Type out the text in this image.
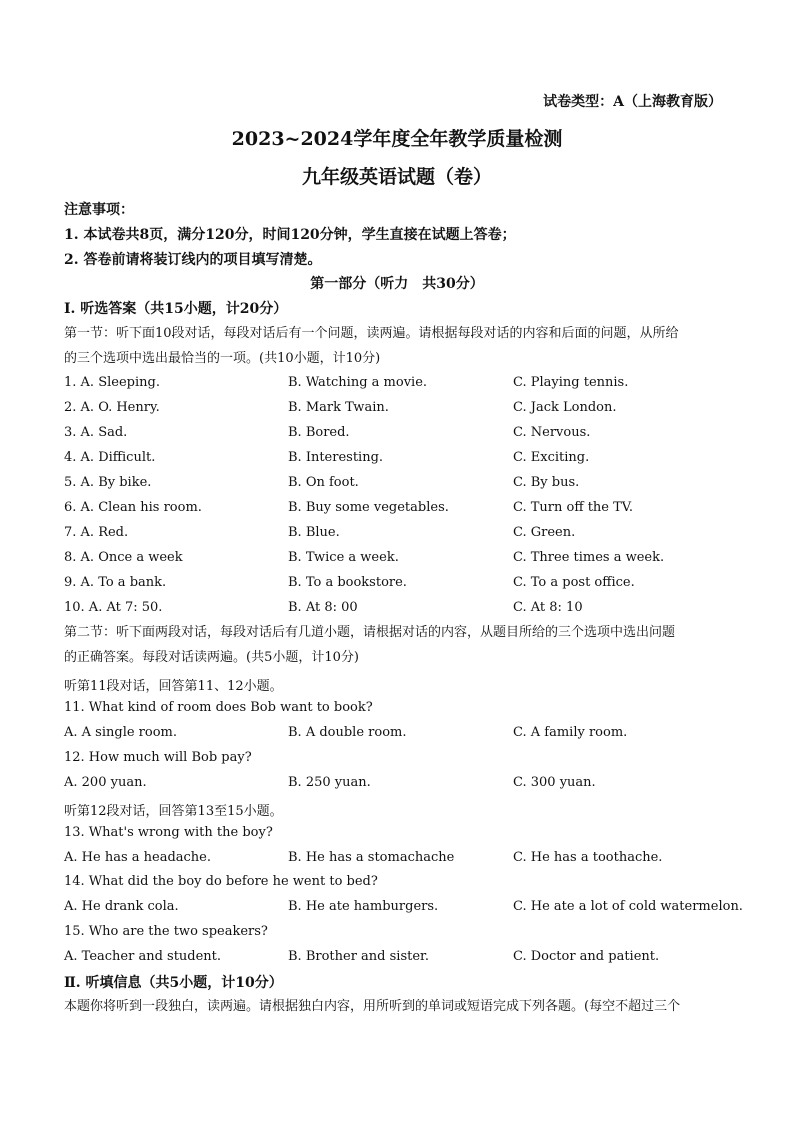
试卷类型：A（上海教育版）
2023~2024学年度全年教学质量检测
九年级英语试题（卷）
注意事项：
1. 本试卷共8页，满分120分，时间120分钟，学生直接在试题上答卷；
2. 答卷前请将装订线内的项目填写清楚。
第一部分（听力　共30分）
I. 听选答案（共15小题，计20分）
第一节：听下面10段对话，每段对话后有一个问题，读两遍。请根据每段对话的内容和后面的问题，从所给
的三个选项中选出最恰当的一项。(共10小题，计10分)
1. A. Sleeping.	B. Watching a movie.	C. Playing tennis.
2. A. O. Henry.	B. Mark Twain.	C. Jack London.
3. A. Sad.	B. Bored.	C. Nervous.
4. A. Difficult.	B. Interesting.	C. Exciting.
5. A. By bike.	B. On foot.	C. By bus.
6. A. Clean his room.	B. Buy some vegetables.	C. Turn off the TV.
7. A. Red.	B. Blue.	C. Green.
8. A. Once a week	B. Twice a week.	C. Three times a week.
9. A. To a bank.	B. To a bookstore.	C. To a post office.
10. A. At 7: 50.	B. At 8: 00	C. At 8: 10
第二节：听下面两段对话，每段对话后有几道小题，请根据对话的内容，从题目所给的三个选项中选出问题
的正确答案。每段对话读两遍。(共5小题，计10分)
听第11段对话，回答第11、12小题。
11. What kind of room does Bob want to book?
A. A single room.	B. A double room.	C. A family room.
12. How much will Bob pay?
A. 200 yuan.	B. 250 yuan.	C. 300 yuan.
听第12段对话，回答第13至15小题。
13. What's wrong with the boy?
A. He has a headache.	B. He has a stomachache	C. He has a toothache.
14. What did the boy do before he went to bed?
A. He drank cola.	B. He ate hamburgers.	C. He ate a lot of cold watermelon.
15. Who are the two speakers?
A. Teacher and student.	B. Brother and sister.	C. Doctor and patient.
Ⅱ. 听填信息（共5小题，计10分）
本题你将听到一段独白，读两遍。请根据独白内容，用所听到的单词或短语完成下列各题。(每空不超过三个
